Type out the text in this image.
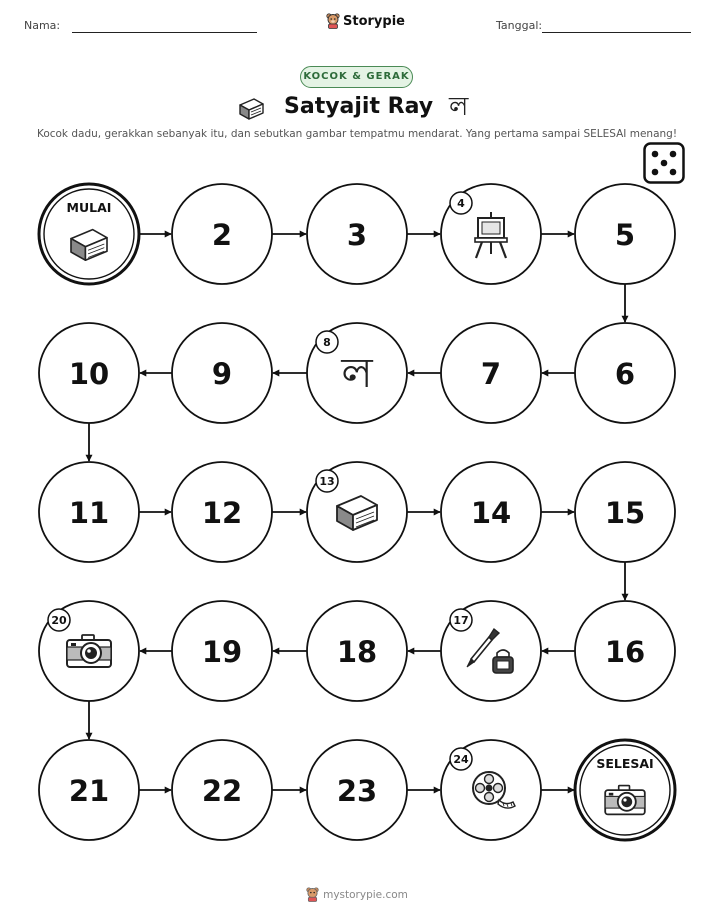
Nama:	Storypie	Tanggal:
KOCOK & GERAK
Satyajit Ray ল
Kocok dadu, gerakkan sebanyak itu, dan sebutkan gambar tempatmu mendarat. Yang pertama sampai SELESAI menang!
MULAI
2	3
4
5
6
7
ল
8
9
10
11	12
13
14	15
16
17
18
19
20
21	22	23
24	SELESAI
mystorypie.com
